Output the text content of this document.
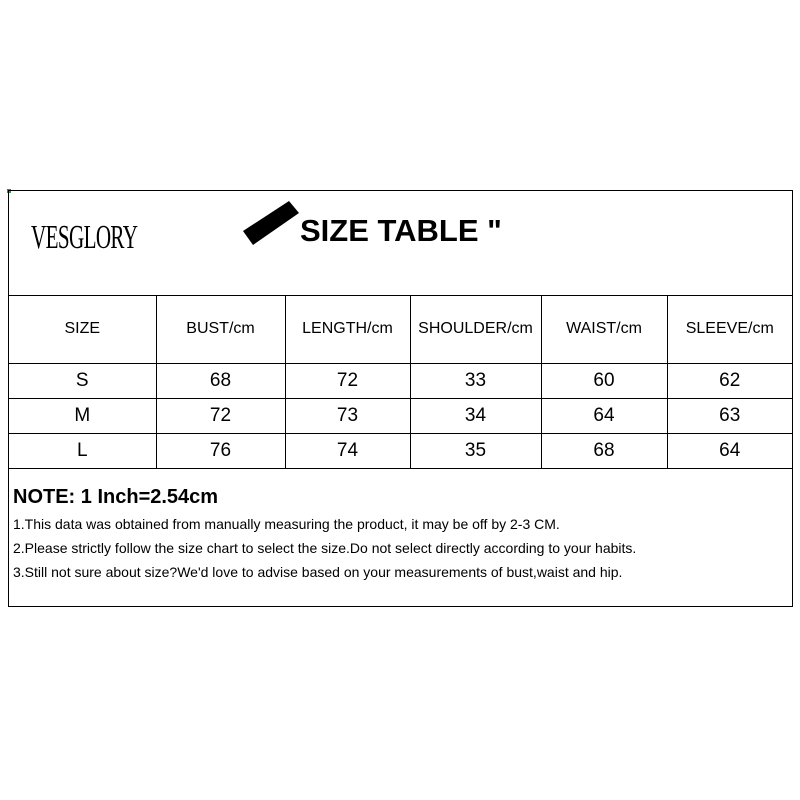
VESGLORY	SIZE TABLE "
SIZE	BUST/cm	LENGTH/cm	SHOULDER/cm	WAIST/cm	SLEEVE/cm
S	68	72	33	60	62
M	72	73	34	64	63
L	76	74	35	68	64
NOTE: 1 Inch=2.54cm
1.This data was obtained from manually measuring the product, it may be off by 2-3 CM.
2.Please strictly follow the size chart to select the size.Do not select directly according to your habits.
3.Still not sure about size?We'd love to advise based on your measurements of bust,waist and hip.
